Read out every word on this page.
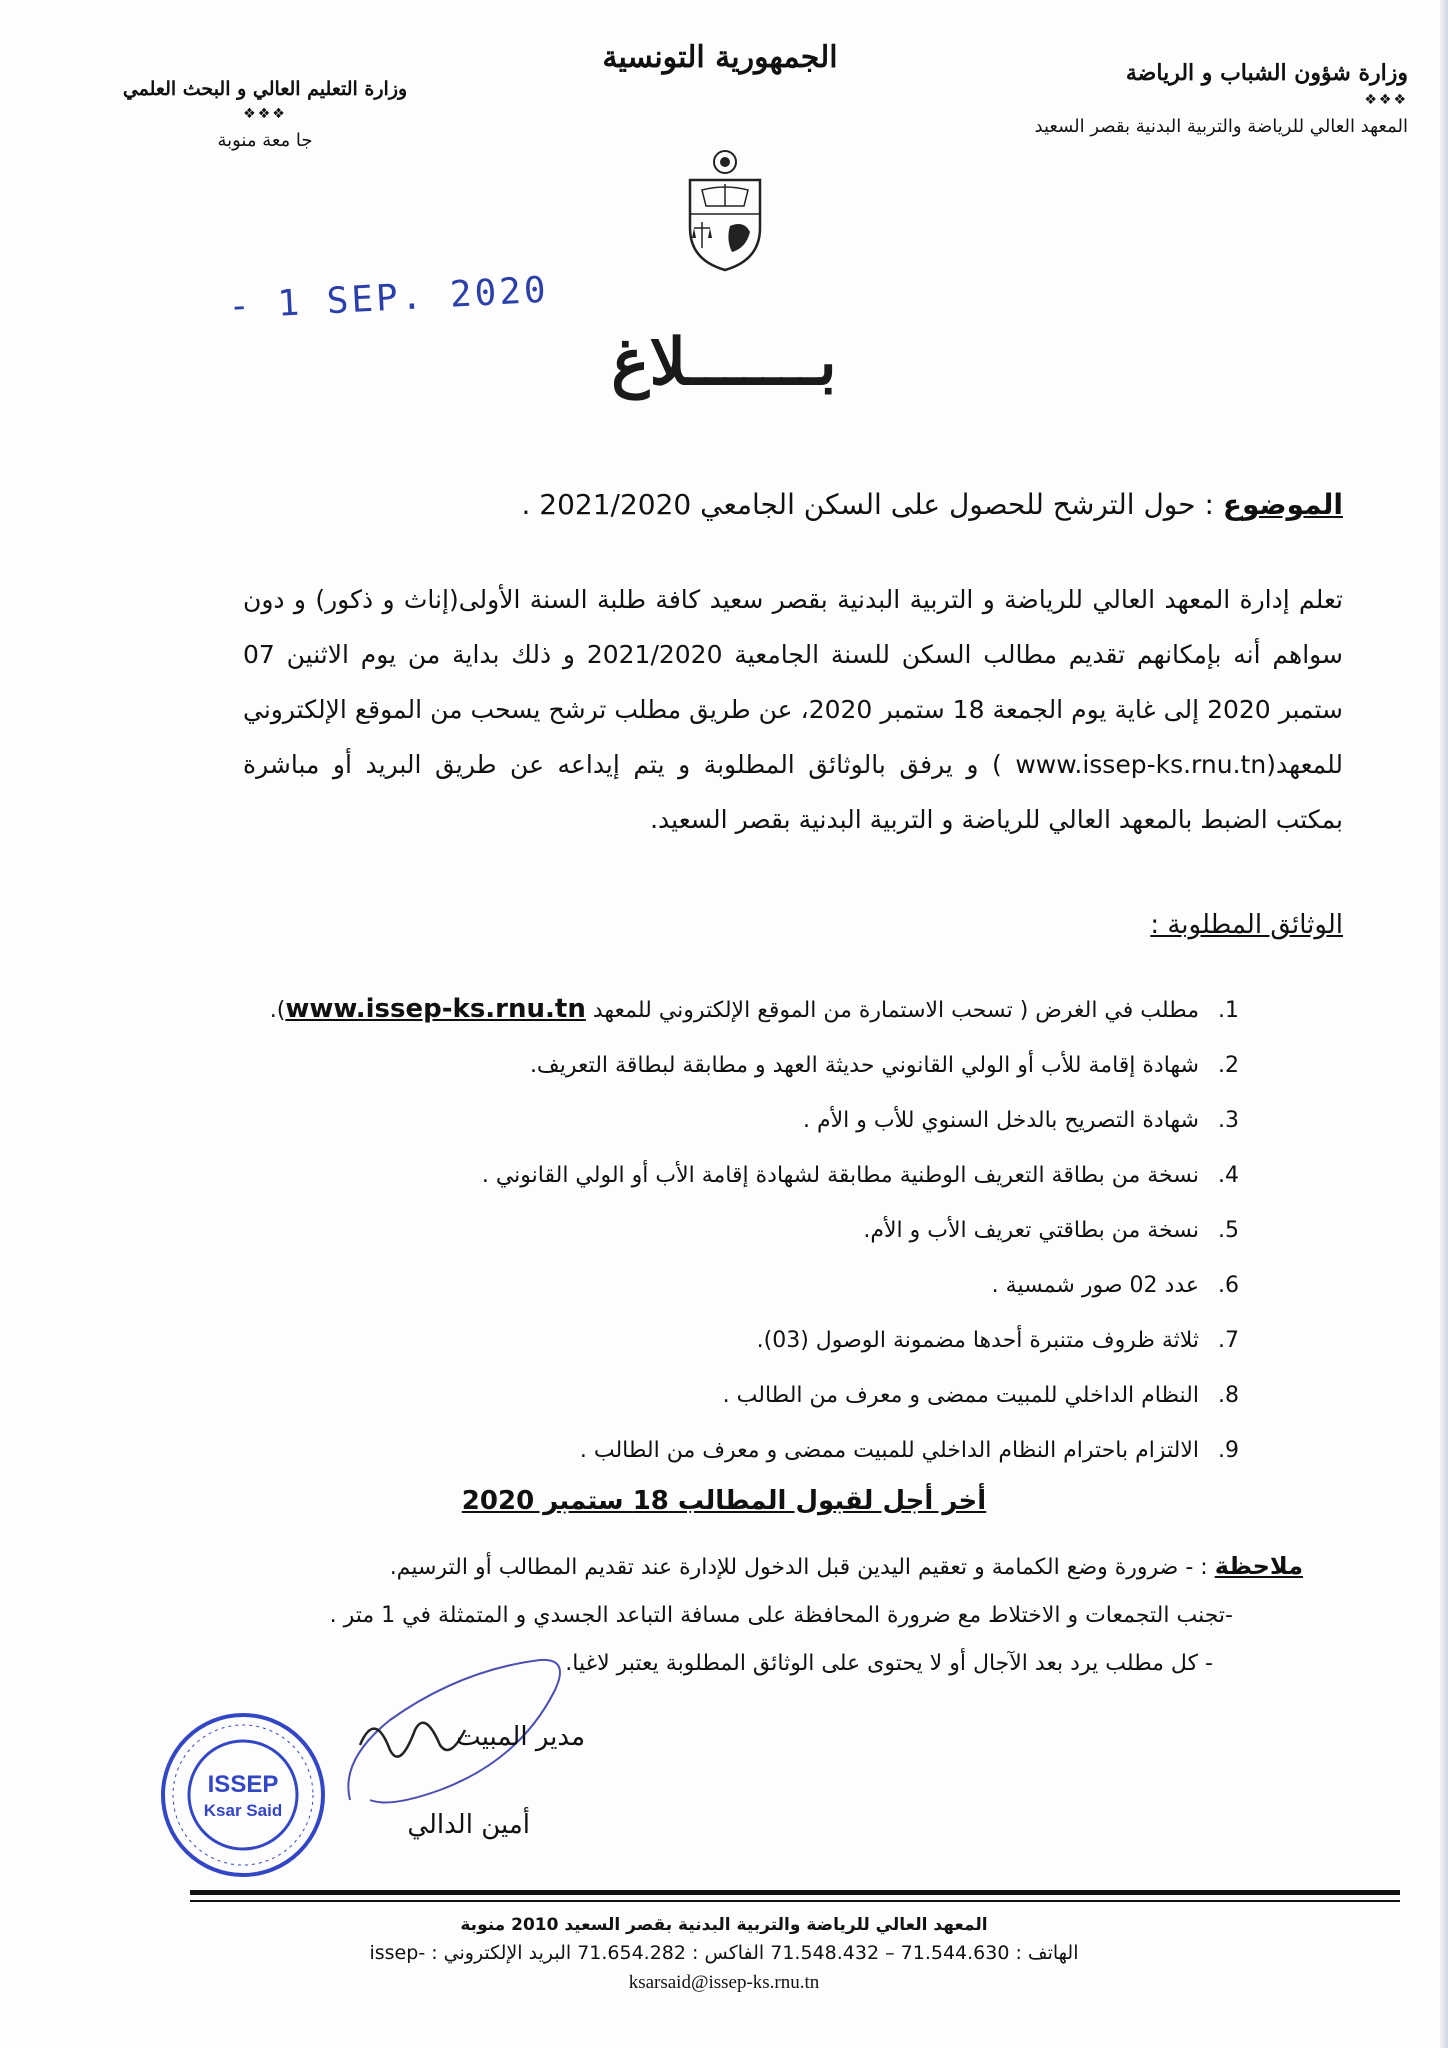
وزارة شؤون الشباب و الرياضة
❖❖❖
المعهد العالي للرياضة والتربية البدنية بقصر السعيد
الجمهورية التونسية
وزارة التعليم العالي و البحث العلمي
❖❖❖
جا معة منوبة
- 1 SEP. 2020
بـــــــلاغ
الموضوع : حول الترشح للحصول على السكن الجامعي 2021/2020 .
تعلم إدارة المعهد العالي للرياضة و التربية البدنية بقصر سعيد كافة طلبة السنة الأولى(إناث و ذكور) و دون سواهم أنه بإمكانهم تقديم مطالب السكن للسنة الجامعية 2021/2020 و ذلك بداية من يوم الاثنين 07 ستمبر 2020 إلى غاية يوم الجمعة 18 ستمبر 2020، عن طريق مطلب ترشح يسحب من الموقع الإلكتروني للمعهد(www.issep-ks.rnu.tn ) و يرفق بالوثائق المطلوبة و يتم إيداعه عن طريق البريد أو مباشرة بمكتب الضبط بالمعهد العالي للرياضة و التربية البدنية بقصر السعيد.
الوثائق المطلوبة :
1. مطلب في الغرض ( تسحب الاستمارة من الموقع الإلكتروني للمعهد www.issep-ks.rnu.tn).
2. شهادة إقامة للأب أو الولي القانوني حديثة العهد و مطابقة لبطاقة التعريف.
3. شهادة التصريح بالدخل السنوي للأب و الأم .
4. نسخة من بطاقة التعريف الوطنية مطابقة لشهادة إقامة الأب أو الولي القانوني .
5. نسخة من بطاقتي تعريف الأب و الأم.
6. عدد 02 صور شمسية .
7. ثلاثة ظروف متنبرة أحدها مضمونة الوصول (03).
8. النظام الداخلي للمبيت ممضى و معرف من الطالب .
9. الالتزام باحترام النظام الداخلي للمبيت ممضى و معرف من الطالب .
أخر أجل لقبول المطالب 18 ستمبر 2020
ملاحظة : - ضرورة وضع الكمامة و تعقيم اليدين قبل الدخول للإدارة عند تقديم المطالب أو الترسيم.
-تجنب التجمعات و الاختلاط مع ضرورة المحافظة على مسافة التباعد الجسدي و المتمثلة في 1 متر .
- كل مطلب يرد بعد الآجال أو لا يحتوى على الوثائق المطلوبة يعتبر لاغيا.
مدير المبيت
أمين الدالي
ISSEP
Ksar Said
المعهد العالي للرياضة والتربية البدنية بقصر السعيد 2010 منوبة
الهاتف : 71.544.630 – 71.548.432 الفاكس : 71.654.282 البريد الإلكتروني : -issep
ksarsaid@issep-ks.rnu.tn
